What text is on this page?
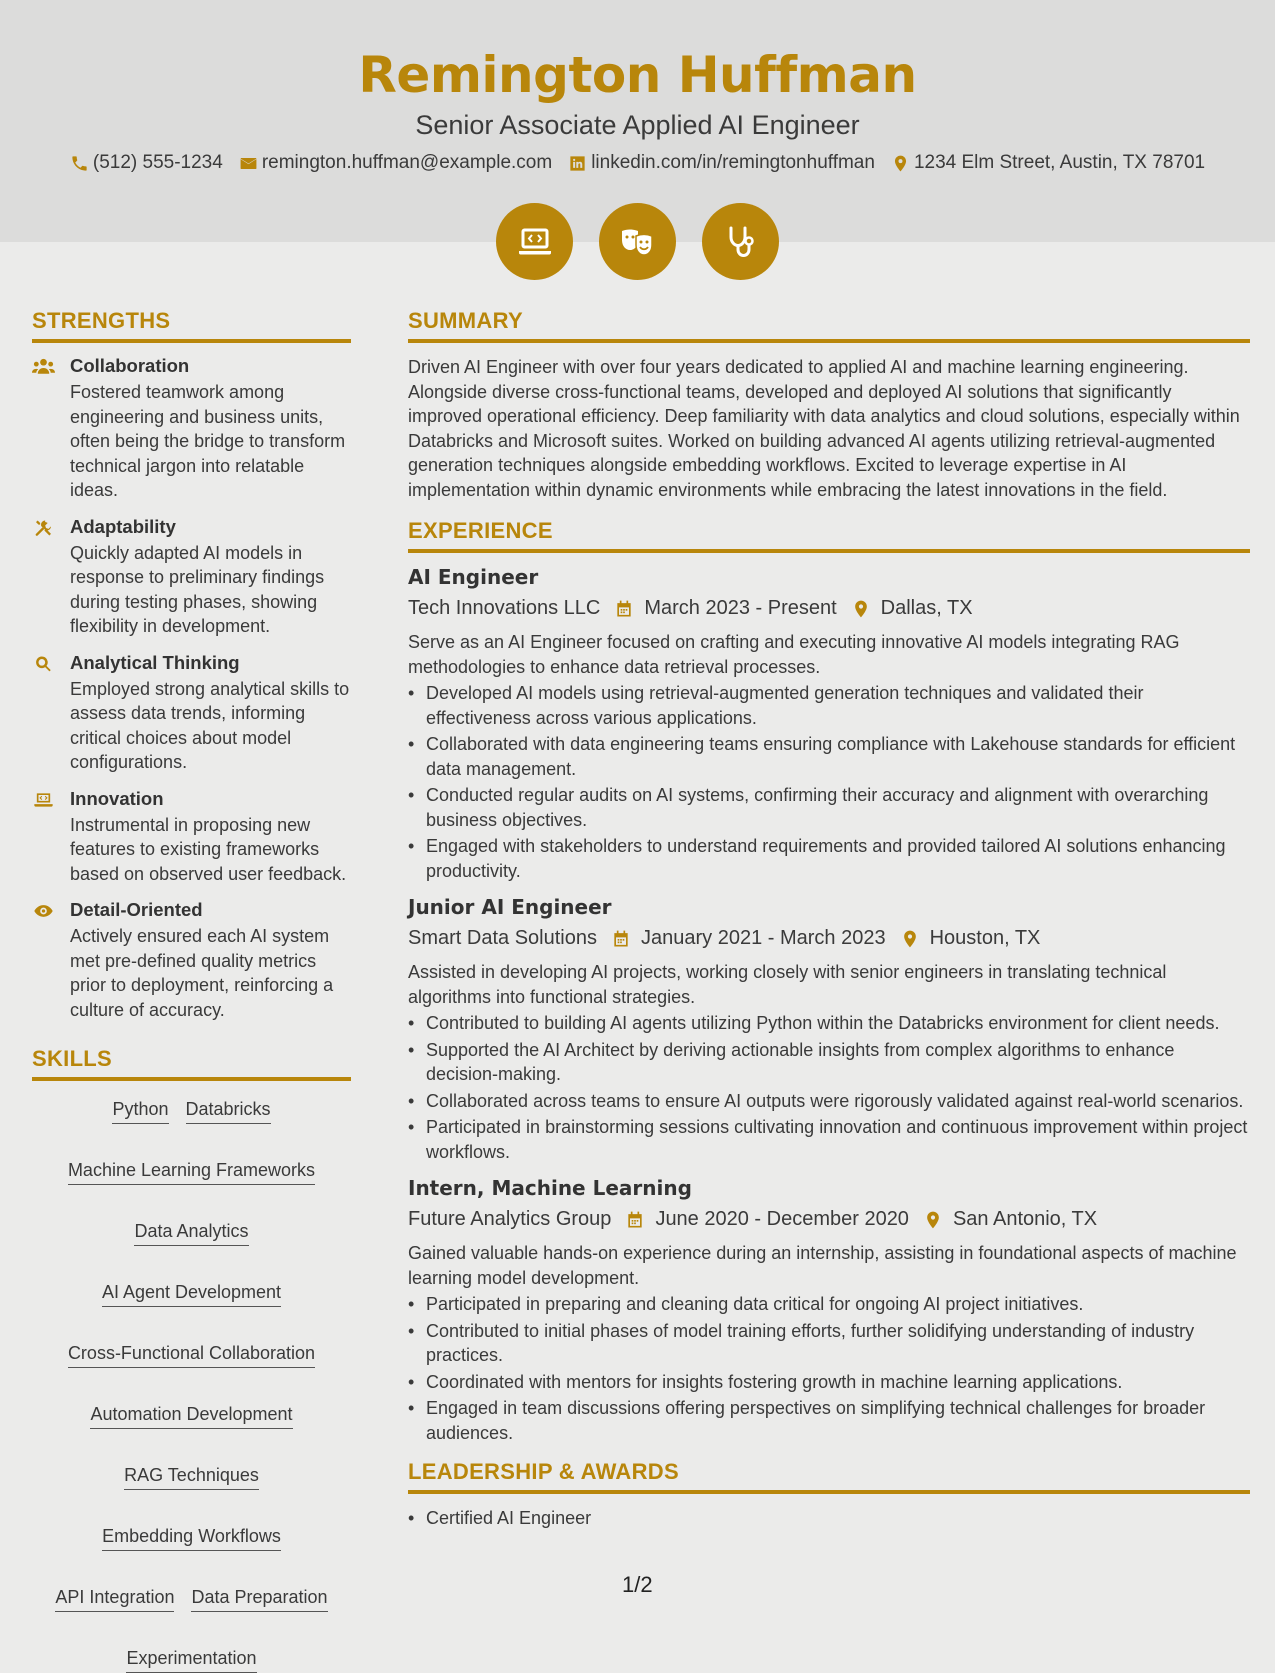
Remington Huffman
Senior Associate Applied AI Engineer
(512) 555-1234 remington.huffman@example.com linkedin.com/in/remingtonhuffman 1234 Elm Street, Austin, TX 78701
STRENGTHS
Collaboration
Fostered teamwork among engineering and business units, often being the bridge to transform technical jargon into relatable ideas.
Adaptability
Quickly adapted AI models in response to preliminary findings during testing phases, showing flexibility in development.
Analytical Thinking
Employed strong analytical skills to assess data trends, informing critical choices about model configurations.
Innovation
Instrumental in proposing new features to existing frameworks based on observed user feedback.
Detail-Oriented
Actively ensured each AI system met pre-defined quality metrics prior to deployment, reinforcing a culture of accuracy.
SKILLS
Python Databricks
Machine Learning Frameworks
Data Analytics
AI Agent Development
Cross-Functional Collaboration
Automation Development
RAG Techniques
Embedding Workflows
API Integration Data Preparation
Experimentation
SUMMARY
Driven AI Engineer with over four years dedicated to applied AI and machine learning engineering. Alongside diverse cross-functional teams, developed and deployed AI solutions that significantly improved operational efficiency. Deep familiarity with data analytics and cloud solutions, especially within Databricks and Microsoft suites. Worked on building advanced AI agents utilizing retrieval-augmented generation techniques alongside embedding workflows. Excited to leverage expertise in AI implementation within dynamic environments while embracing the latest innovations in the field.
EXPERIENCE
AI Engineer
Tech Innovations LLC March 2023 - Present Dallas, TX
Serve as an AI Engineer focused on crafting and executing innovative AI models integrating RAG methodologies to enhance data retrieval processes.
• Developed AI models using retrieval-augmented generation techniques and validated their effectiveness across various applications.
• Collaborated with data engineering teams ensuring compliance with Lakehouse standards for efficient data management.
• Conducted regular audits on AI systems, confirming their accuracy and alignment with overarching business objectives.
• Engaged with stakeholders to understand requirements and provided tailored AI solutions enhancing productivity.
Junior AI Engineer
Smart Data Solutions January 2021 - March 2023 Houston, TX
Assisted in developing AI projects, working closely with senior engineers in translating technical algorithms into functional strategies.
• Contributed to building AI agents utilizing Python within the Databricks environment for client needs.
• Supported the AI Architect by deriving actionable insights from complex algorithms to enhance decision-making.
• Collaborated across teams to ensure AI outputs were rigorously validated against real-world scenarios.
• Participated in brainstorming sessions cultivating innovation and continuous improvement within project workflows.
Intern, Machine Learning
Future Analytics Group June 2020 - December 2020 San Antonio, TX
Gained valuable hands-on experience during an internship, assisting in foundational aspects of machine learning model development.
• Participated in preparing and cleaning data critical for ongoing AI project initiatives.
• Contributed to initial phases of model training efforts, further solidifying understanding of industry practices.
• Coordinated with mentors for insights fostering growth in machine learning applications.
• Engaged in team discussions offering perspectives on simplifying technical challenges for broader audiences.
LEADERSHIP & AWARDS
• Certified AI Engineer
1/2
